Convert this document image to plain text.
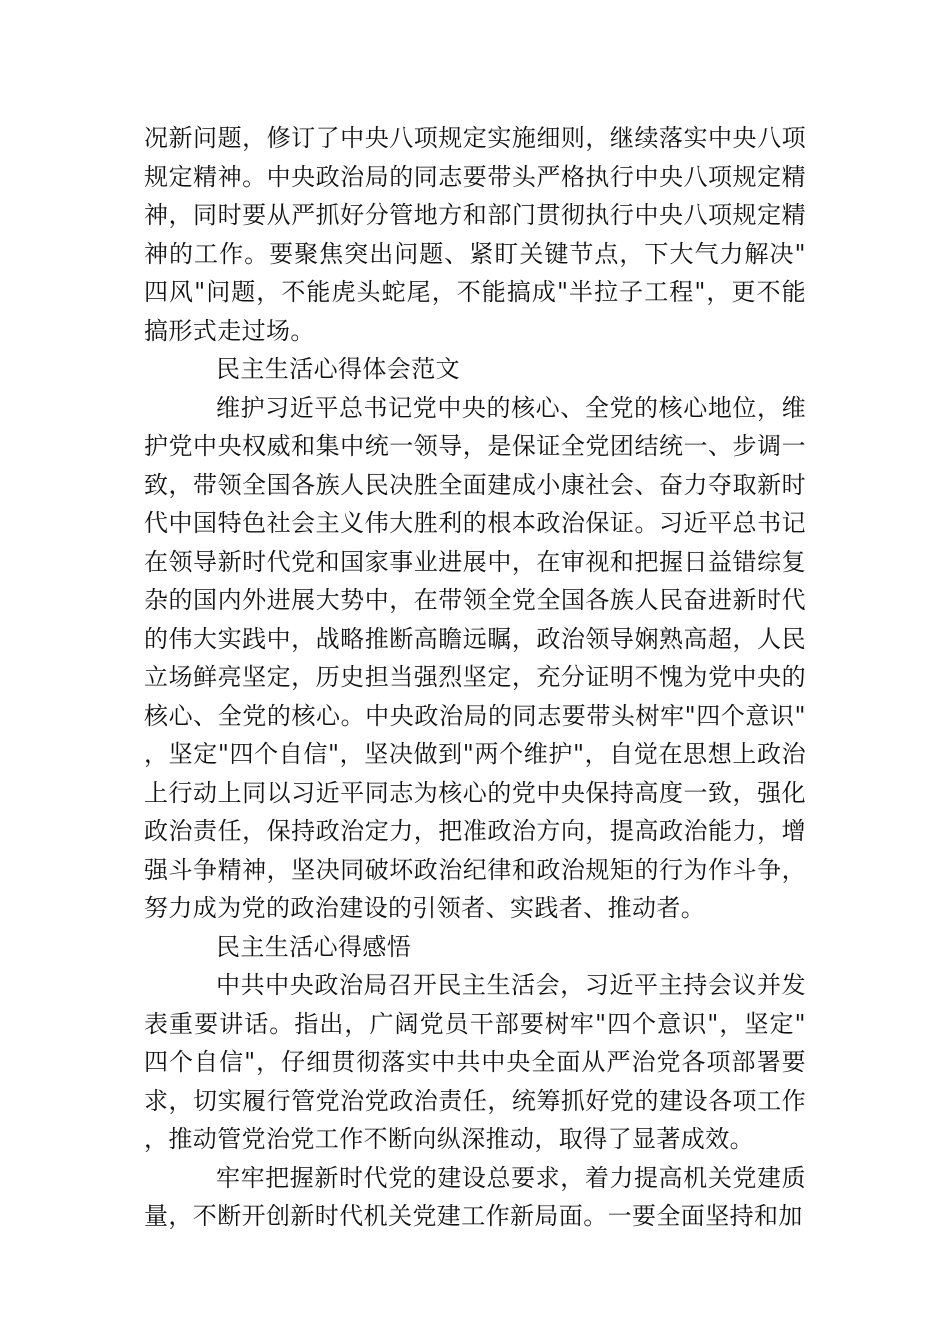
况新问题，修订了中央八项规定实施细则，继续落实中央八项规定精神。中央政治局的同志要带头严格执行中央八项规定精神，同时要从严抓好分管地方和部门贯彻执行中央八项规定精神的工作。要聚焦突出问题、紧盯关键节点，下大气力解决"四风"问题，不能虎头蛇尾，不能搞成"半拉子工程"，更不能搞形式走过场。

民主生活心得体会范文

维护习近平总书记党中央的核心、全党的核心地位，维护党中央权威和集中统一领导，是保证全党团结统一、步调一致，带领全国各族人民决胜全面建成小康社会、奋力夺取新时代中国特色社会主义伟大胜利的根本政治保证。习近平总书记在领导新时代党和国家事业进展中，在审视和把握日益错综复杂的国内外进展大势中，在带领全党全国各族人民奋进新时代的伟大实践中，战略推断高瞻远瞩，政治领导娴熟高超，人民立场鲜亮坚定，历史担当强烈坚定，充分证明不愧为党中央的核心、全党的核心。中央政治局的同志要带头树牢"四个意识"，坚定"四个自信"，坚决做到"两个维护"，自觉在思想上政治上行动上同以习近平同志为核心的党中央保持高度一致，强化政治责任，保持政治定力，把准政治方向，提高政治能力，增强斗争精神，坚决同破坏政治纪律和政治规矩的行为作斗争，努力成为党的政治建设的引领者、实践者、推动者。

民主生活心得感悟

中共中央政治局召开民主生活会，习近平主持会议并发表重要讲话。指出，广阔党员干部要树牢"四个意识"，坚定"四个自信"，仔细贯彻落实中共中央全面从严治党各项部署要求，切实履行管党治党政治责任，统筹抓好党的建设各项工作，推动管党治党工作不断向纵深推动，取得了显著成效。

牢牢把握新时代党的建设总要求，着力提高机关党建质量，不断开创新时代机关党建工作新局面。一要全面坚持和加
